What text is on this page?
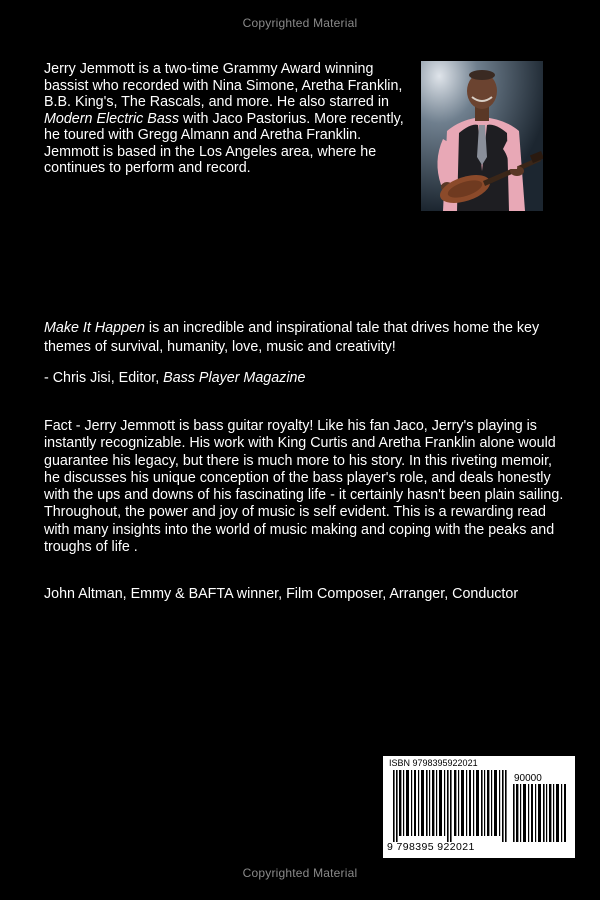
Copyrighted Material
Jerry Jemmott is a two-time Grammy Award winning bassist who recorded with Nina Simone, Aretha Franklin, B.B. King's, The Rascals, and more. He also starred in Modern Electric Bass with Jaco Pastorius. More recently, he toured with Gregg Almann and Aretha Franklin. Jemmott is based in the Los Angeles area, where he continues to perform and record.
Make It Happen is an incredible and inspirational tale that drives home the key themes of survival, humanity, love, music and creativity!
- Chris Jisi, Editor, Bass Player Magazine
Fact - Jerry Jemmott is bass guitar royalty! Like his fan Jaco, Jerry's playing is instantly recognizable. His work with King Curtis and Aretha Franklin alone would guarantee his legacy, but there is much more to his story. In this riveting memoir, he discusses his unique conception of the bass player's role, and deals honestly with the ups and downs of his fascinating life - it certainly hasn't been plain sailing. Throughout, the power and joy of music is self evident. This is a rewarding read with many insights into the world of music making and coping with the peaks and troughs of life .
John Altman, Emmy & BAFTA winner, Film Composer, Arranger, Conductor
ISBN 9798395922021
90000
9 798395 922021
Copyrighted Material
